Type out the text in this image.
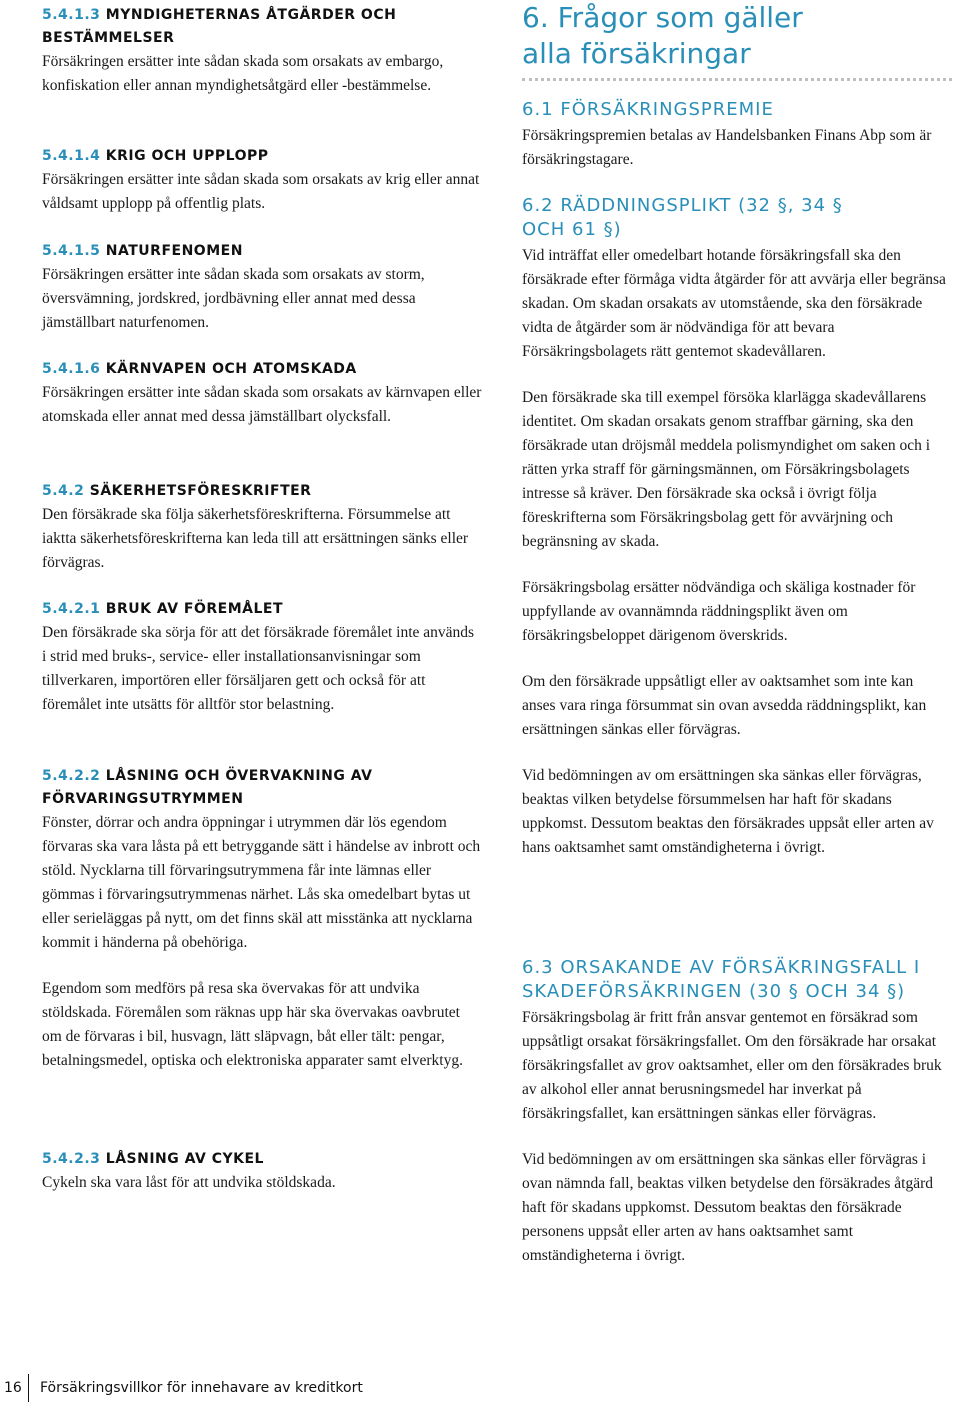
5.4.1.3 MYNDIGHETERNAS ÅTGÄRDER OCH BESTÄMMELSER

Försäkringen ersätter inte sådan skada som orsakats av embargo, konfiskation eller annan myndighetsåtgärd eller -bestämmelse.

5.4.1.4 KRIG OCH UPPLOPP

Försäkringen ersätter inte sådan skada som orsakats av krig eller annat våldsamt upplopp på offentlig plats.

5.4.1.5 NATURFENOMEN

Försäkringen ersätter inte sådan skada som orsakats av storm, översvämning, jordskred, jordbävning eller annat med dessa jämställbart naturfenomen.

5.4.1.6 KÄRNVAPEN OCH ATOMSKADA

Försäkringen ersätter inte sådan skada som orsakats av kärnvapen eller atomskada eller annat med dessa jämställbart olycksfall.

5.4.2 SÄKERHETSFÖRESKRIFTER

Den försäkrade ska följa säkerhetsföreskrifterna. Försummelse att iaktta säkerhetsföreskrifterna kan leda till att ersättningen sänks eller förvägras.

5.4.2.1 BRUK AV FÖREMÅLET

Den försäkrade ska sörja för att det försäkrade föremålet inte används i strid med bruks-, service- eller installationsanvisningar som tillverkaren, importören eller försäljaren gett och också för att föremålet inte utsätts för alltför stor belastning.

5.4.2.2 LÅSNING OCH ÖVERVAKNING AV FÖRVARINGSUTRYMMEN

Fönster, dörrar och andra öppningar i utrymmen där lös egendom förvaras ska vara låsta på ett betryggande sätt i händelse av inbrott och stöld. Nycklarna till förvaringsutrymmena får inte lämnas eller gömmas i förvaringsutrymmenas närhet. Lås ska omedelbart bytas ut eller serieläggas på nytt, om det finns skäl att misstänka att nycklarna kommit i händerna på obehöriga.

Egendom som medförs på resa ska övervakas för att undvika stöldskada. Föremålen som räknas upp här ska övervakas oavbrutet om de förvaras i bil, husvagn, lätt släpvagn, båt eller tält: pengar, betalningsmedel, optiska och elektroniska apparater samt elverktyg.

5.4.2.3 LÅSNING AV CYKEL

Cykeln ska vara låst för att undvika stöldskada.

6. Frågor som gäller alla försäkringar

6.1 FÖRSÄKRINGSPREMIE

Försäkringspremien betalas av Handelsbanken Finans Abp som är försäkringstagare.

6.2 RÄDDNINGSPLIKT (32 §, 34 § OCH 61 §)

Vid inträffat eller omedelbart hotande försäkringsfall ska den försäkrade efter förmåga vidta åtgärder för att avvärja eller begränsa skadan. Om skadan orsakats av utomstående, ska den försäkrade vidta de åtgärder som är nödvändiga för att bevara Försäkringsbolagets rätt gentemot skadevållaren.

Den försäkrade ska till exempel försöka klarlägga skadevållarens identitet. Om skadan orsakats genom straffbar gärning, ska den försäkrade utan dröjsmål meddela polismyndighet om saken och i rätten yrka straff för gärningsmännen, om Försäkringsbolagets intresse så kräver. Den försäkrade ska också i övrigt följa föreskrifterna som Försäkringsbolag gett för avvärjning och begränsning av skada.

Försäkringsbolag ersätter nödvändiga och skäliga kostnader för uppfyllande av ovannämnda räddningsplikt även om försäkringsbeloppet därigenom överskrids.

Om den försäkrade uppsåtligt eller av oaktsamhet som inte kan anses vara ringa försummat sin ovan avsedda räddningsplikt, kan ersättningen sänkas eller förvägras.

Vid bedömningen av om ersättningen ska sänkas eller förvägras, beaktas vilken betydelse försummelsen har haft för skadans uppkomst. Dessutom beaktas den försäkrades uppsåt eller arten av hans oaktsamhet samt omständigheterna i övrigt.

6.3 ORSAKANDE AV FÖRSÄKRINGSFALL I SKADEFÖRSÄKRINGEN (30 § OCH 34 §)

Försäkringsbolag är fritt från ansvar gentemot en försäkrad som uppsåtligt orsakat försäkringsfallet. Om den försäkrade har orsakat försäkringsfallet av grov oaktsamhet, eller om den försäkrades bruk av alkohol eller annat berusningsmedel har inverkat på försäkringsfallet, kan ersättningen sänkas eller förvägras.

Vid bedömningen av om ersättningen ska sänkas eller förvägras i ovan nämnda fall, beaktas vilken betydelse den försäkrades åtgärd haft för skadans uppkomst. Dessutom beaktas den försäkrade personens uppsåt eller arten av hans oaktsamhet samt omständigheterna i övrigt.

16 Försäkringsvillkor för innehavare av kreditkort
